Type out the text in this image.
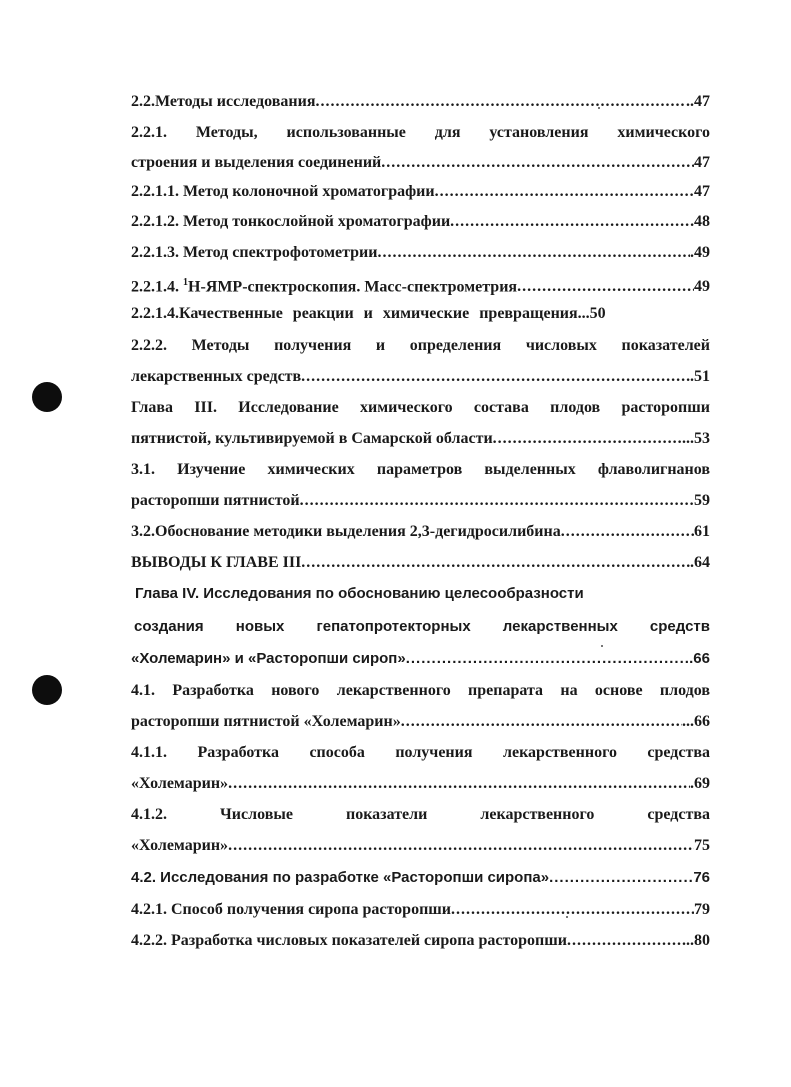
2.2.Методы исследования .....	..47
2.2.1. Методы, использованные для установления химического
строения и выделения соединений .....	47
2.2.1.1. Метод колоночной хроматографии .....	47
2.2.1.2. Метод тонкослойной хроматографии .....	48
2.2.1.3. Метод спектрофотометрии .....	.49
2.2.1.4. $^1$H-ЯМР-спектроскопия. Масс-спектрометрия .....	49
2.2.1.4.Качественные реакции и химические превращения ...50
2.2.2. Методы получения и определения числовых показателей
лекарственных средств .....	.51
Глава III. Исследование химического состава плодов расторопши
пятнистой, культивируемой в Самарской области .....	...53
3.1. Изучение химических параметров выделенных флаволигнанов
расторопши пятнистой .....	59
3.2.Обоснование методики выделения 2,3-дегидросилибина .....	61
ВЫВОДЫ К ГЛАВЕ III .....	.64
Глава IV. Исследования по обоснованию целесообразности
создания новых гепатопротекторных лекарственных средств
«Холемарин» и «Расторопши сироп» .....	.66
4.1. Разработка нового лекарственного препарата на основе плодов
расторопши пятнистой «Холемарин» .....	...66
4.1.1. Разработка способа получения лекарственного средства
«Холемарин» .....	.69
4.1.2. Числовые показатели лекарственного средства
«Холемарин» .....	75
4.2. Исследования по разработке «Расторопши сиропа» .....	76
4.2.1. Способ получения сиропа расторопши .....	79
4.2.2. Разработка числовых показателей сиропа расторопши .....	..80
